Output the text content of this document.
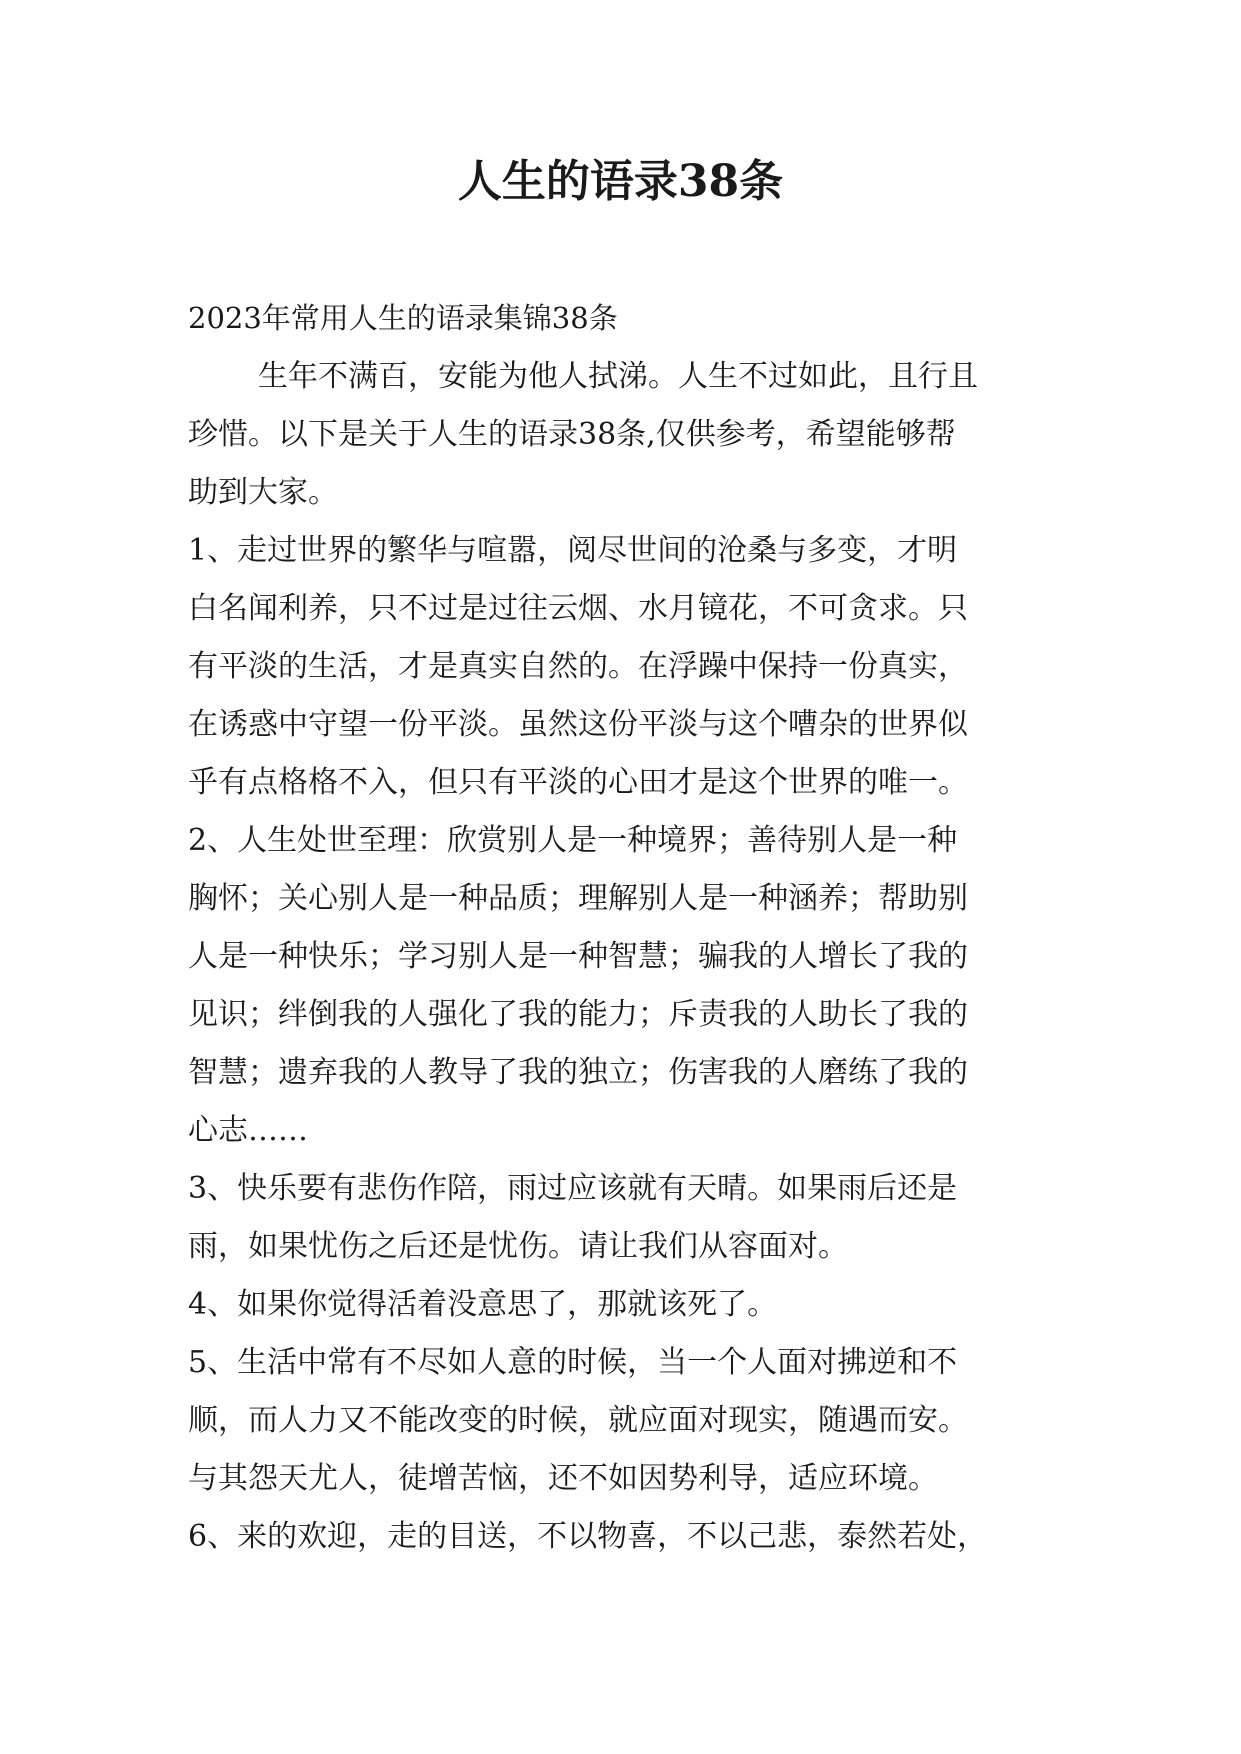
人生的语录38条
2023年常用人生的语录集锦38条
生年不满百，安能为他人拭涕。人生不过如此，且行且
珍惜。以下是关于人生的语录38条,仅供参考，希望能够帮
助到大家。
1、走过世界的繁华与喧嚣，阅尽世间的沧桑与多变，才明
白名闻利养，只不过是过往云烟、水月镜花，不可贪求。只
有平淡的生活，才是真实自然的。在浮躁中保持一份真实，
在诱惑中守望一份平淡。虽然这份平淡与这个嘈杂的世界似
乎有点格格不入，但只有平淡的心田才是这个世界的唯一。
2、人生处世至理：欣赏别人是一种境界；善待别人是一种
胸怀；关心别人是一种品质；理解别人是一种涵养；帮助别
人是一种快乐；学习别人是一种智慧；骗我的人增长了我的
见识；绊倒我的人强化了我的能力；斥责我的人助长了我的
智慧；遗弃我的人教导了我的独立；伤害我的人磨练了我的
心志……
3、快乐要有悲伤作陪，雨过应该就有天晴。如果雨后还是
雨，如果忧伤之后还是忧伤。请让我们从容面对。
4、如果你觉得活着没意思了，那就该死了。
5、生活中常有不尽如人意的时候，当一个人面对拂逆和不
顺，而人力又不能改变的时候，就应面对现实，随遇而安。
与其怨天尤人，徒增苦恼，还不如因势利导，适应环境。
6、来的欢迎，走的目送，不以物喜，不以己悲，泰然若处，
